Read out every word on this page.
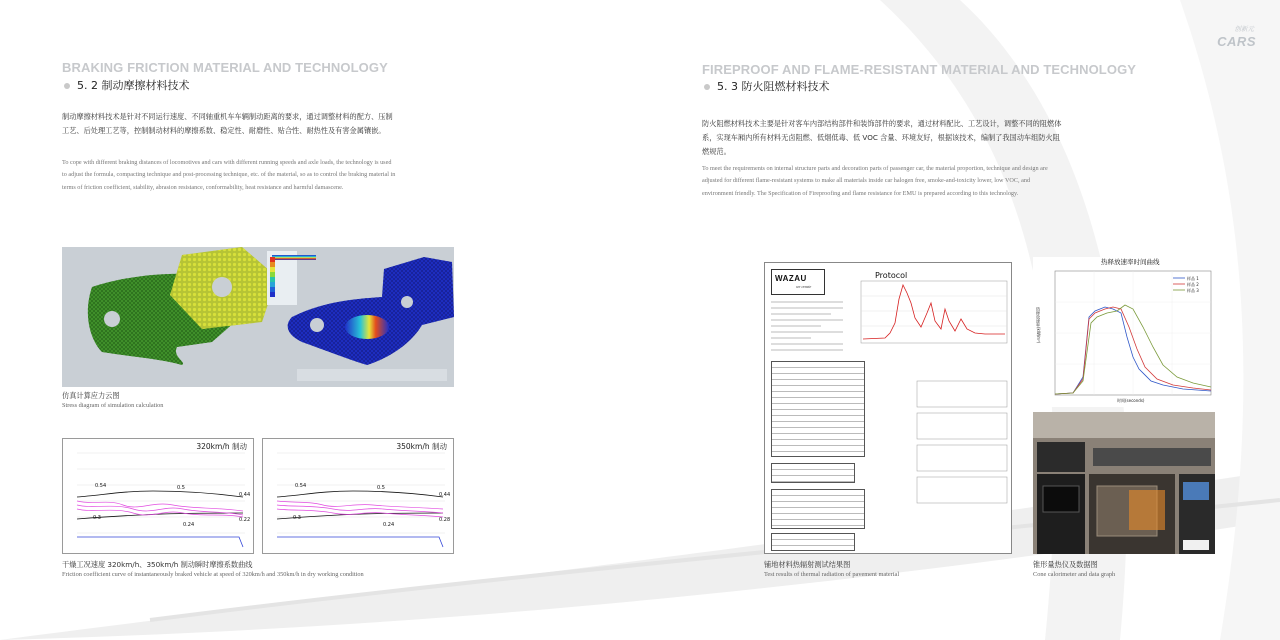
BRAKING FRICTION MATERIAL AND TECHNOLOGY
5. 2 制动摩擦材料技术
制动摩擦材料技术是针对不同运行速度、不同轴重机车车辆制动距离的要求，通过调整材料的配方、压制工艺、后处理工艺等，控制制动材料的摩擦系数、稳定性、耐磨性、贴合性、耐热性及有害金属镶嵌。
To cope with different braking distances of locomotives and cars with different running speeds and axle loads, the technology is used to adjust the formula, compacting technique and post-processing technique, etc. of the material, so as to control the braking material in terms of friction coefficient, stability, abrasion resistance, conformability, heat resistance and harmful damascene.
仿真计算应力云图
Stress diagram of simulation calculation
320km/h 制动
0.54	0.5
0.44
0.3
0.24
0.22
350km/h 制动
0.54	0.5
0.44
0.3
0.24
0.28
干燥工况速度 320km/h、350km/h 制动瞬时摩擦系数曲线
Friction coefficient curve of instantaneously braked vehicle at speed of 320km/h and 350km/h in dry working condition
创新元
CARS
FIREPROOF AND FLAME-RESISTANT MATERIAL AND TECHNOLOGY
5. 3 防火阻燃材料技术
防火阻燃材料技术主要是针对客车内部结构部件和装饰部件的要求，通过材料配比、工艺设计，调整不同的阻燃体系，实现车厢内所有材料无卤阻燃、低烟低毒、低 VOC 含量、环境友好，根据该技术，编制了我国动车组防火阻燃规范。
To meet the requirements on internal structure parts and decoration parts of passenger car, the material proportion, technique and design are adjusted for different flame-resistant systems to make all materials inside car halogen free, smoke-and-toxicity lower, low VOC, and environment friendly. The Specification of Fireproofing and flame resistance for EMU is prepared according to this technology.
WAZAU
we create
Protocol
铺地材料热辐射测试结果图
Test results of thermal radiation of pavement material
热释放速率时间曲线
样品 1
样品 2
样品 3
时间(seconds)
热释放速率(kW/m²)
锥形量热仪及数据图
Cone calorimeter and data graph
